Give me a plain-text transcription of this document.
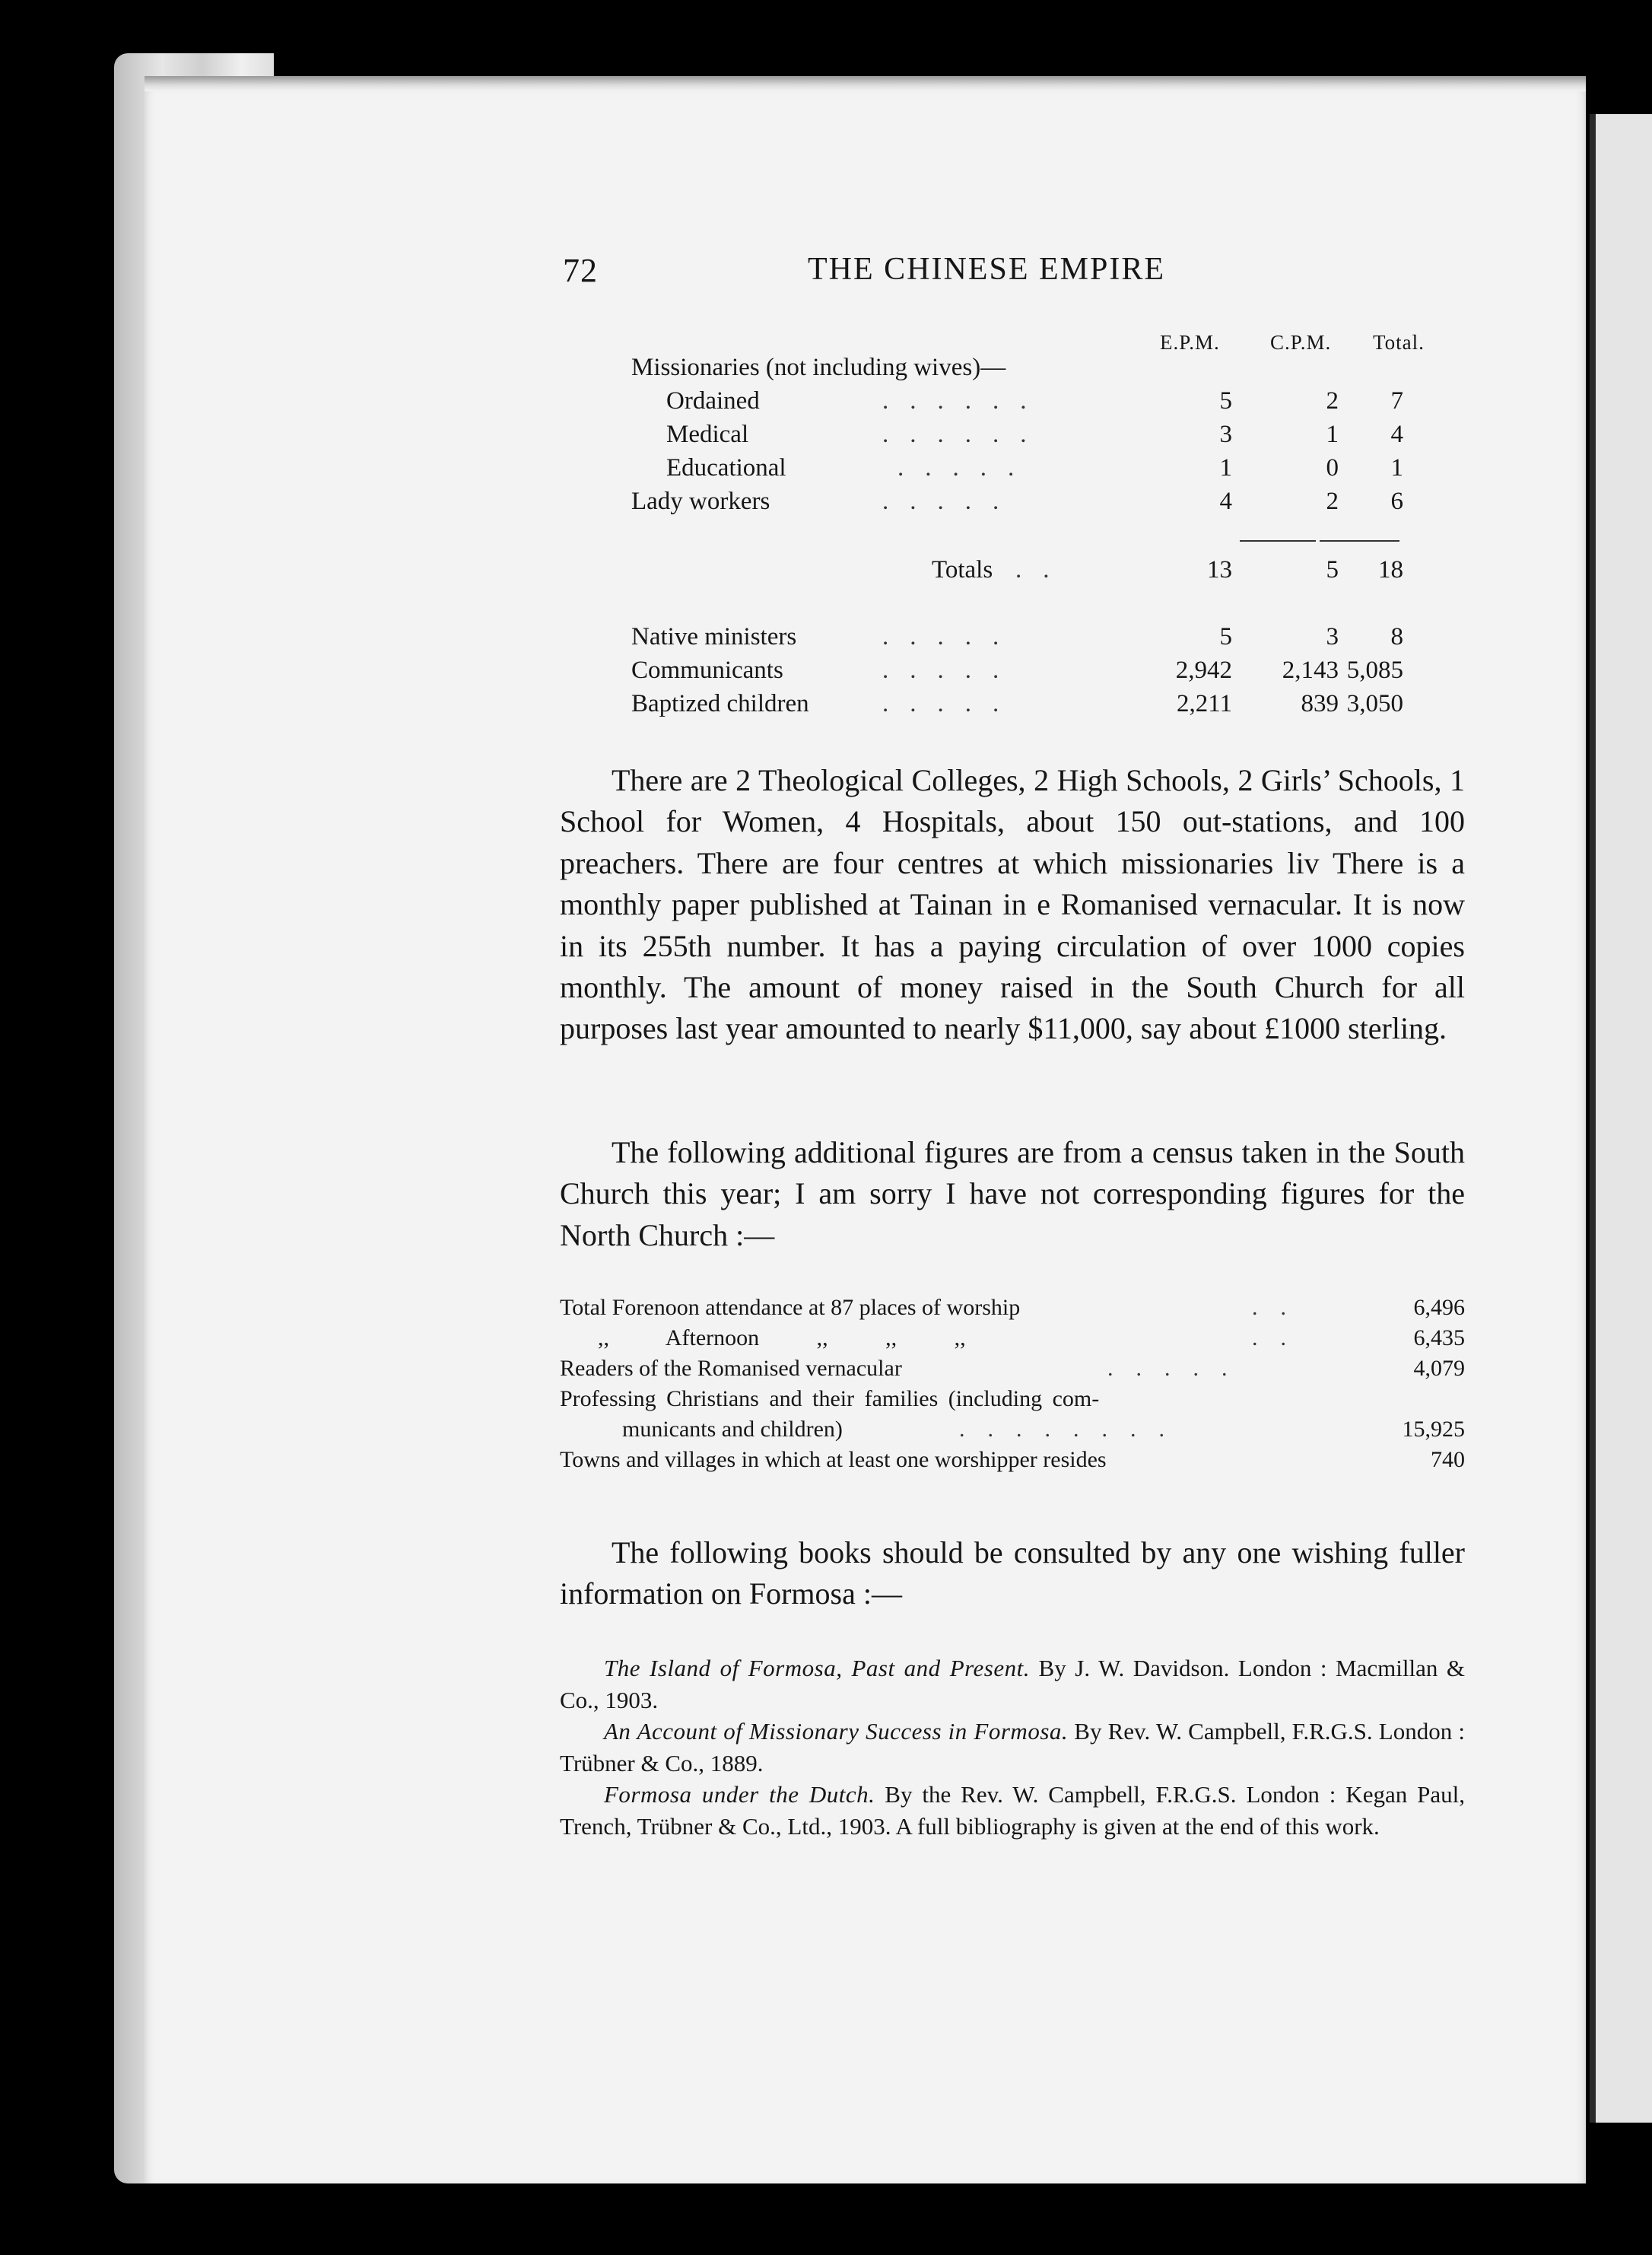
72	THE CHINESE EMPIRE
E.P.M. C.P.M. Total.
Missionaries (not including wives)—
Ordained	......	5	2	7
Medical	......	3	1	4
Educational	.....	1	0	1
Lady workers	.....	4	2	6
Totals ..	13	5	18
Native ministers	.....	5	3	8
Communicants	.....	2,942	2,143 5,085
Baptized children	.....	2,211	839 3,050
There are 2 Theological Colleges, 2 High Schools, 2 Girls’ Schools, 1 School for Women, 4 Hospitals, about 150 out-stations, and 100 preachers. There are four centres at which missionaries liv There is a monthly paper published at Tainan in e Romanised vernacular. It is now in its 255th number. It has a paying circulation of over 1000 copies monthly. The amount of money raised in the South Church for all purposes last year amounted to nearly $11,000, say about £1000 sterling.
The following additional figures are from a census taken in the South Church this year; I am sorry I have not corresponding figures for the North Church :—
Total Forenoon attendance at 87 places of worship	..	6,496
,, Afternoon ,, ,, ,,	..	6,435
Readers of the Romanised vernacular	.....	4,079
Professing Christians and their families (including com-
municants and children)	........	15,925
Towns and villages in which at least one worshipper resides	740
The following books should be consulted by any one wishing fuller information on Formosa :—

The Island of Formosa, Past and Present. By J. W. Davidson. London : Macmillan & Co., 1903.

An Account of Missionary Success in Formosa. By Rev. W. Campbell, F.R.G.S. London : Trübner & Co., 1889.

Formosa under the Dutch. By the Rev. W. Campbell, F.R.G.S. London : Kegan Paul, Trench, Trübner & Co., Ltd., 1903. A full bibliography is given at the end of this work.
